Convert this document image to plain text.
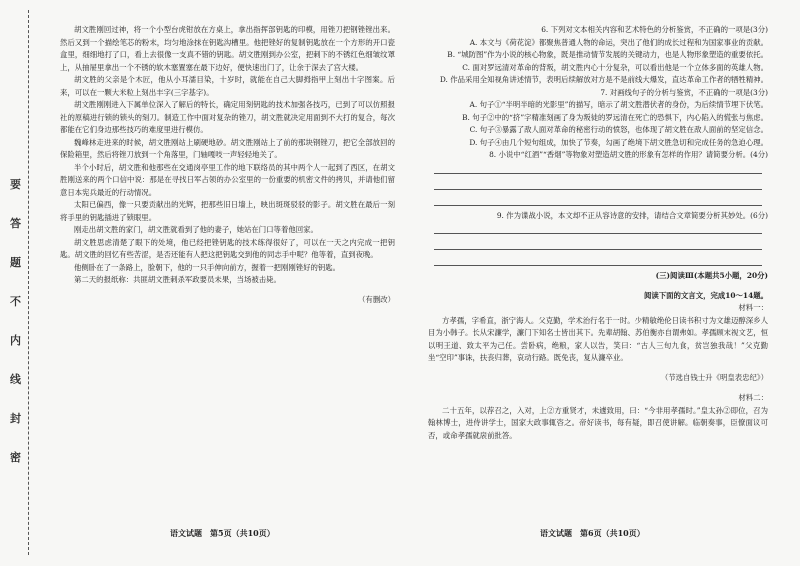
题
答
要
不
内
线
封
密

胡文胜刚回过神，将一个小型台虎钳放在方桌上，拿出指挥部钥匙的印模，用锉刀把钢锉锉出来。然后又到一个描绘笔芯的粉末，均匀地涂抹在钥匙沟槽里。他把锉好的复制钥匙放在一个方形的开口瓷盒里，细细地打了口，看上去很像一支真不错的钥匙。胡文胜刚到办公室，把刺下的不锈红色细皱纹罩上，从抽屉里拿出一个不锈的软木塞置塞在最下边好，便快速出门了，让余于深去了宫大楼。

胡文胜的父亲是个木匠，他从小耳濡目染，十岁时，就能在自己大脚拇指甲上刻出十字图案。后来，可以在一颗大米粒上刻出丰字(三字基字)。

胡文胜刚刚进入下属单位深入了解后的特长，确定用刻钥匙的技术加强各技巧，已到了可以仿照报社的原稿进行锁的锁头的刻刀。制造工作中面对复杂的锉刀，胡文胜就决定用面到不大打的复合，每次都能在它们身边那些技巧的难度里进行模仿。

魏峰林走进来的时候，胡文胜刚站上刷硬地砂。胡文胜刚站上了前的那块钢锉刀，把它全部放回的保险箱里，然后将锉刀放到一个角落里，门轴嘎吱一声轻轻地关了。

半个小时后，胡文胜和他那些在交通岗亭里工作的地下联络员的其中两个人一起到了西区，在胡文胜刚送来的两个口信中说：那是在寻找日军占领的办公室里的一份重要的机密文件的拷贝，并请他们留意日本宪兵最近的行动情况。

太阳已偏西，像一只要贡献出的光辉，把那些旧日墙上，映出斑斑驳驳的影子。胡文胜在最后一刻将手里的钥匙插进了锁眼里。

刚走出胡文胜的家门，胡文胜就看到了他的妻子，她站在门口等着他回家。

胡文胜思虑清楚了眼下的处境，他已经把锉钥匙的技术练得很好了，可以在一天之内完成一把钥匙。胡文胜的回忆有些苦涩，是否还能有人把这把钥匙交到他的同志手中呢？他等着，直到夜晚。

他侧卧在了一条路上，脸朝下，他的一只手伸向前方，握着一把刚刚锉好的钥匙。

第二天的报纸称：共匪胡文胜刺杀军政要员未果，当场被击毙。

（有删改）

6. 下列对文本相关内容和艺术特色的分析鉴赏，不正确的一项是(3分)

A. 本文与《荷花淀》都聚焦普通人物的命运，突出了他们的成长过程和为国家事业的贡献。

B. “城防图”作为小说的核心物象，既是推动情节发展的关键动力，也是人物形象塑造的重要依托。

C. 面对罗远清对革命的背叛，胡文胜内心十分复杂，可以看出他是一个立体多面的英雄人物。

D. 作品采用全知视角讲述情节，表明后续解放对方是不是前线大爆发，直达革命工作者的牺牲精神。

7. 对画线句子的分析与鉴赏，不正确的一项是(3分)

A. 句子①“半明半暗的光影里”的描写，暗示了胡文胜潜伏者的身份，为后续情节埋下伏笔。

B. 句子②中的“挤”字精准刻画了身为叛徒的罗远清在死亡的恐惧下，内心陷入的慌张与焦虑。

C. 句子③暴露了敌人面对革命的秘密行动的愤怒，也体现了胡文胜在敌人面前的坚定信念。

D. 句子④由几个短句组成，加快了节奏，勾画了绝境下胡文胜急切和完成任务的急迫心理。

8. 小说中“红酒”“香烟”等物象对塑造胡文胜的形象有怎样的作用？请简要分析。(4分)

9. 作为谍战小说，本文却不正从容诗意的安排，请结合文章简要分析其妙处。(6分)

(三)阅读Ⅲ(本题共5小题，20分)

阅读下面的文言文，完成10～14题。

材料一：

方孝孺，字希直，浙宁海人。父克勤，学术治行名于一时。少精敏绝伦日读书积寸为文雄迈醇深乡人目为小韩子。长从宋濂学，濂门下知名士皆出其下。先辈胡翰、苏伯衡亦自谓弗如。孝孺顾末视文艺，恒以明王道、致太平为己任。尝卧病，绝粮，家人以告，笑曰：“古人三旬九食，贫岂独我哉！”父克勤坐“空印”事诛，扶丧归葬，哀动行路。既免丧，复从濂卒业。

（节选自钱士升《明皇表忠纪》）

材料二：

二十五年，以荐召之，入对，上②方重贤才，未遽致用，曰：“今非用孝孺时。”皇太孙②即位，召为翰林博士，进侍讲学士，国家大政事辄咨之。帝好读书，每有疑，即召使讲解。临朝奏事，臣僚面议可否，或命孝孺就扆前批答。

语文试题　第5页（共10页）	语文试题　第6页（共10页）
